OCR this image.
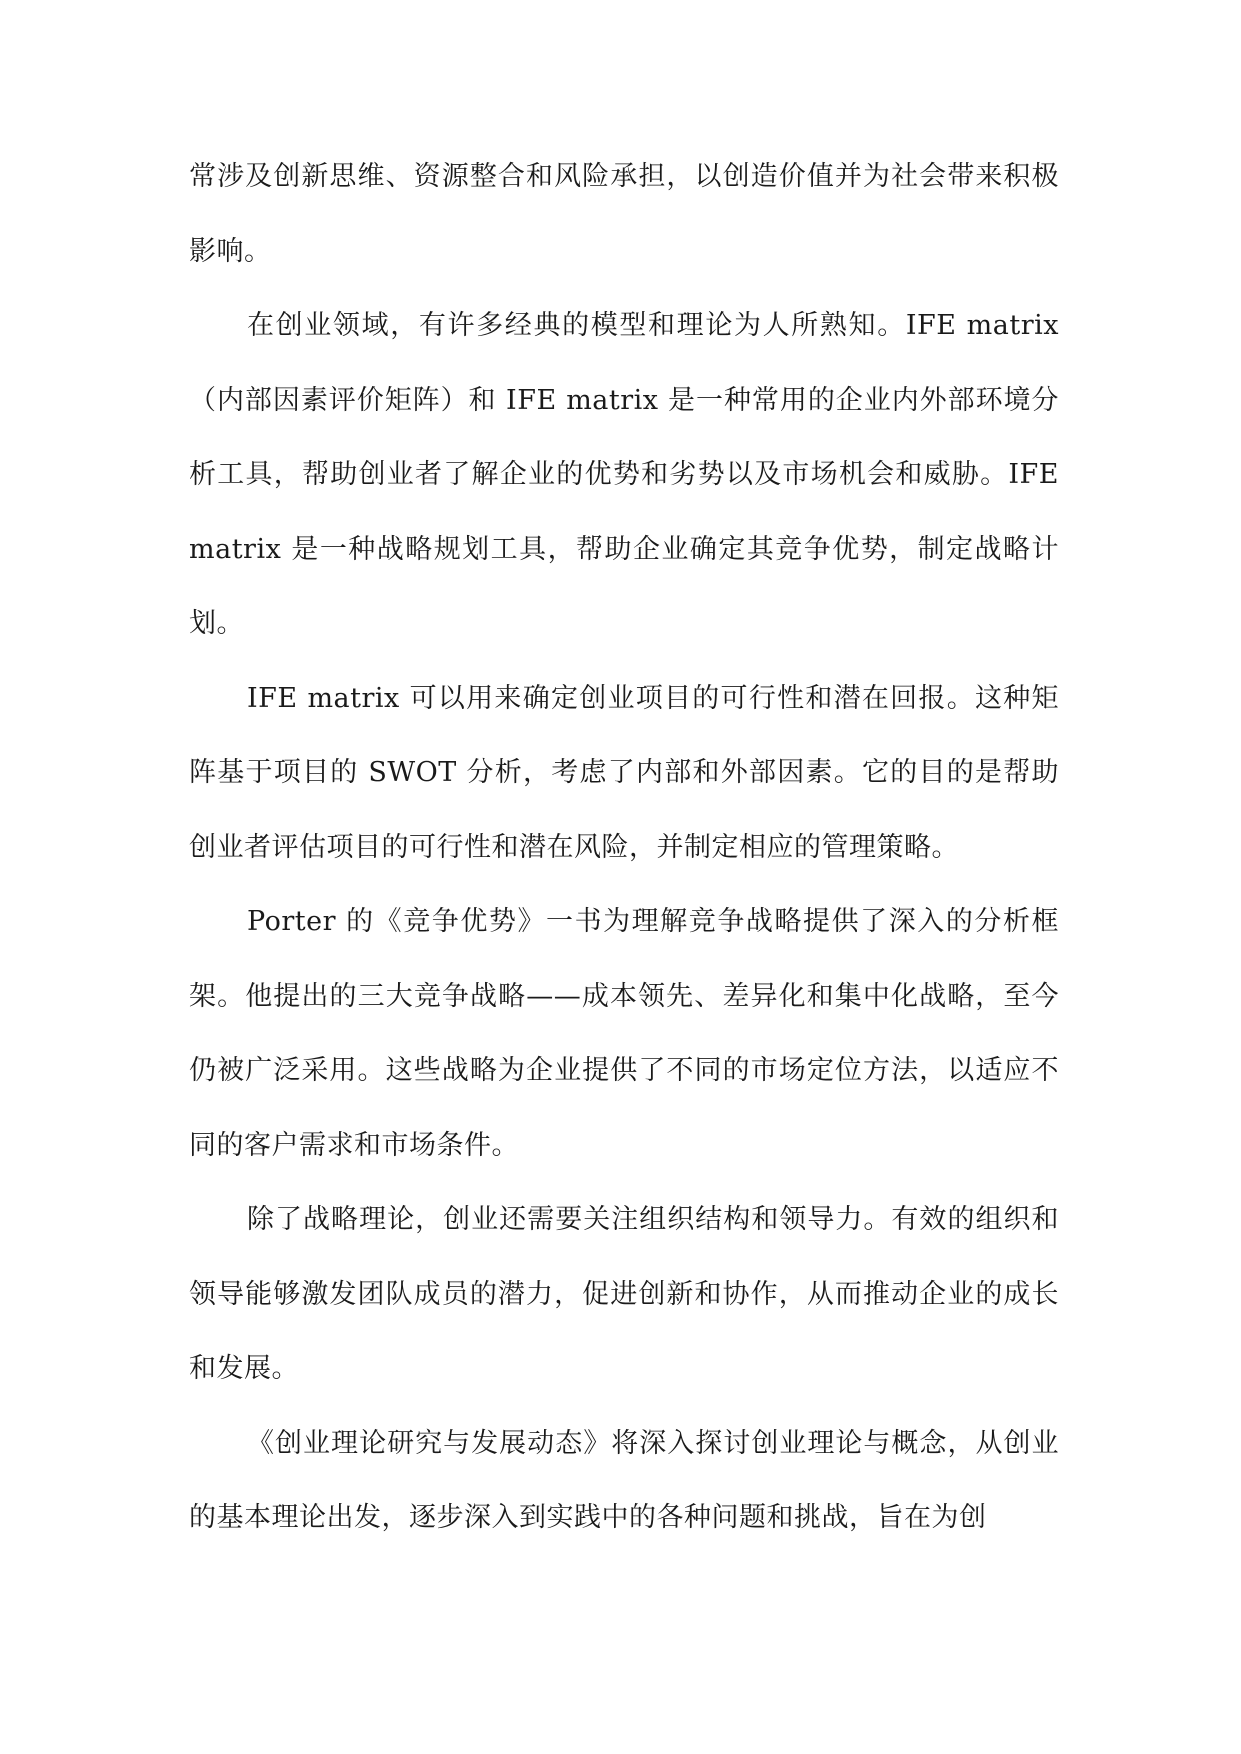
常涉及创新思维、资源整合和风险承担，以创造价值并为社会带来积极影响。

在创业领域，有许多经典的模型和理论为人所熟知。IFE matrix（内部因素评价矩阵）和 IFE matrix 是一种常用的企业内外部环境分析工具，帮助创业者了解企业的优势和劣势以及市场机会和威胁。IFE matrix 是一种战略规划工具，帮助企业确定其竞争优势，制定战略计划。

IFE matrix 可以用来确定创业项目的可行性和潜在回报。这种矩阵基于项目的 SWOT 分析，考虑了内部和外部因素。它的目的是帮助创业者评估项目的可行性和潜在风险，并制定相应的管理策略。

Porter 的《竞争优势》一书为理解竞争战略提供了深入的分析框架。他提出的三大竞争战略——成本领先、差异化和集中化战略，至今仍被广泛采用。这些战略为企业提供了不同的市场定位方法，以适应不同的客户需求和市场条件。

除了战略理论，创业还需要关注组织结构和领导力。有效的组织和领导能够激发团队成员的潜力，促进创新和协作，从而推动企业的成长和发展。

《创业理论研究与发展动态》将深入探讨创业理论与概念，从创业的基本理论出发，逐步深入到实践中的各种问题和挑战，旨在为创
